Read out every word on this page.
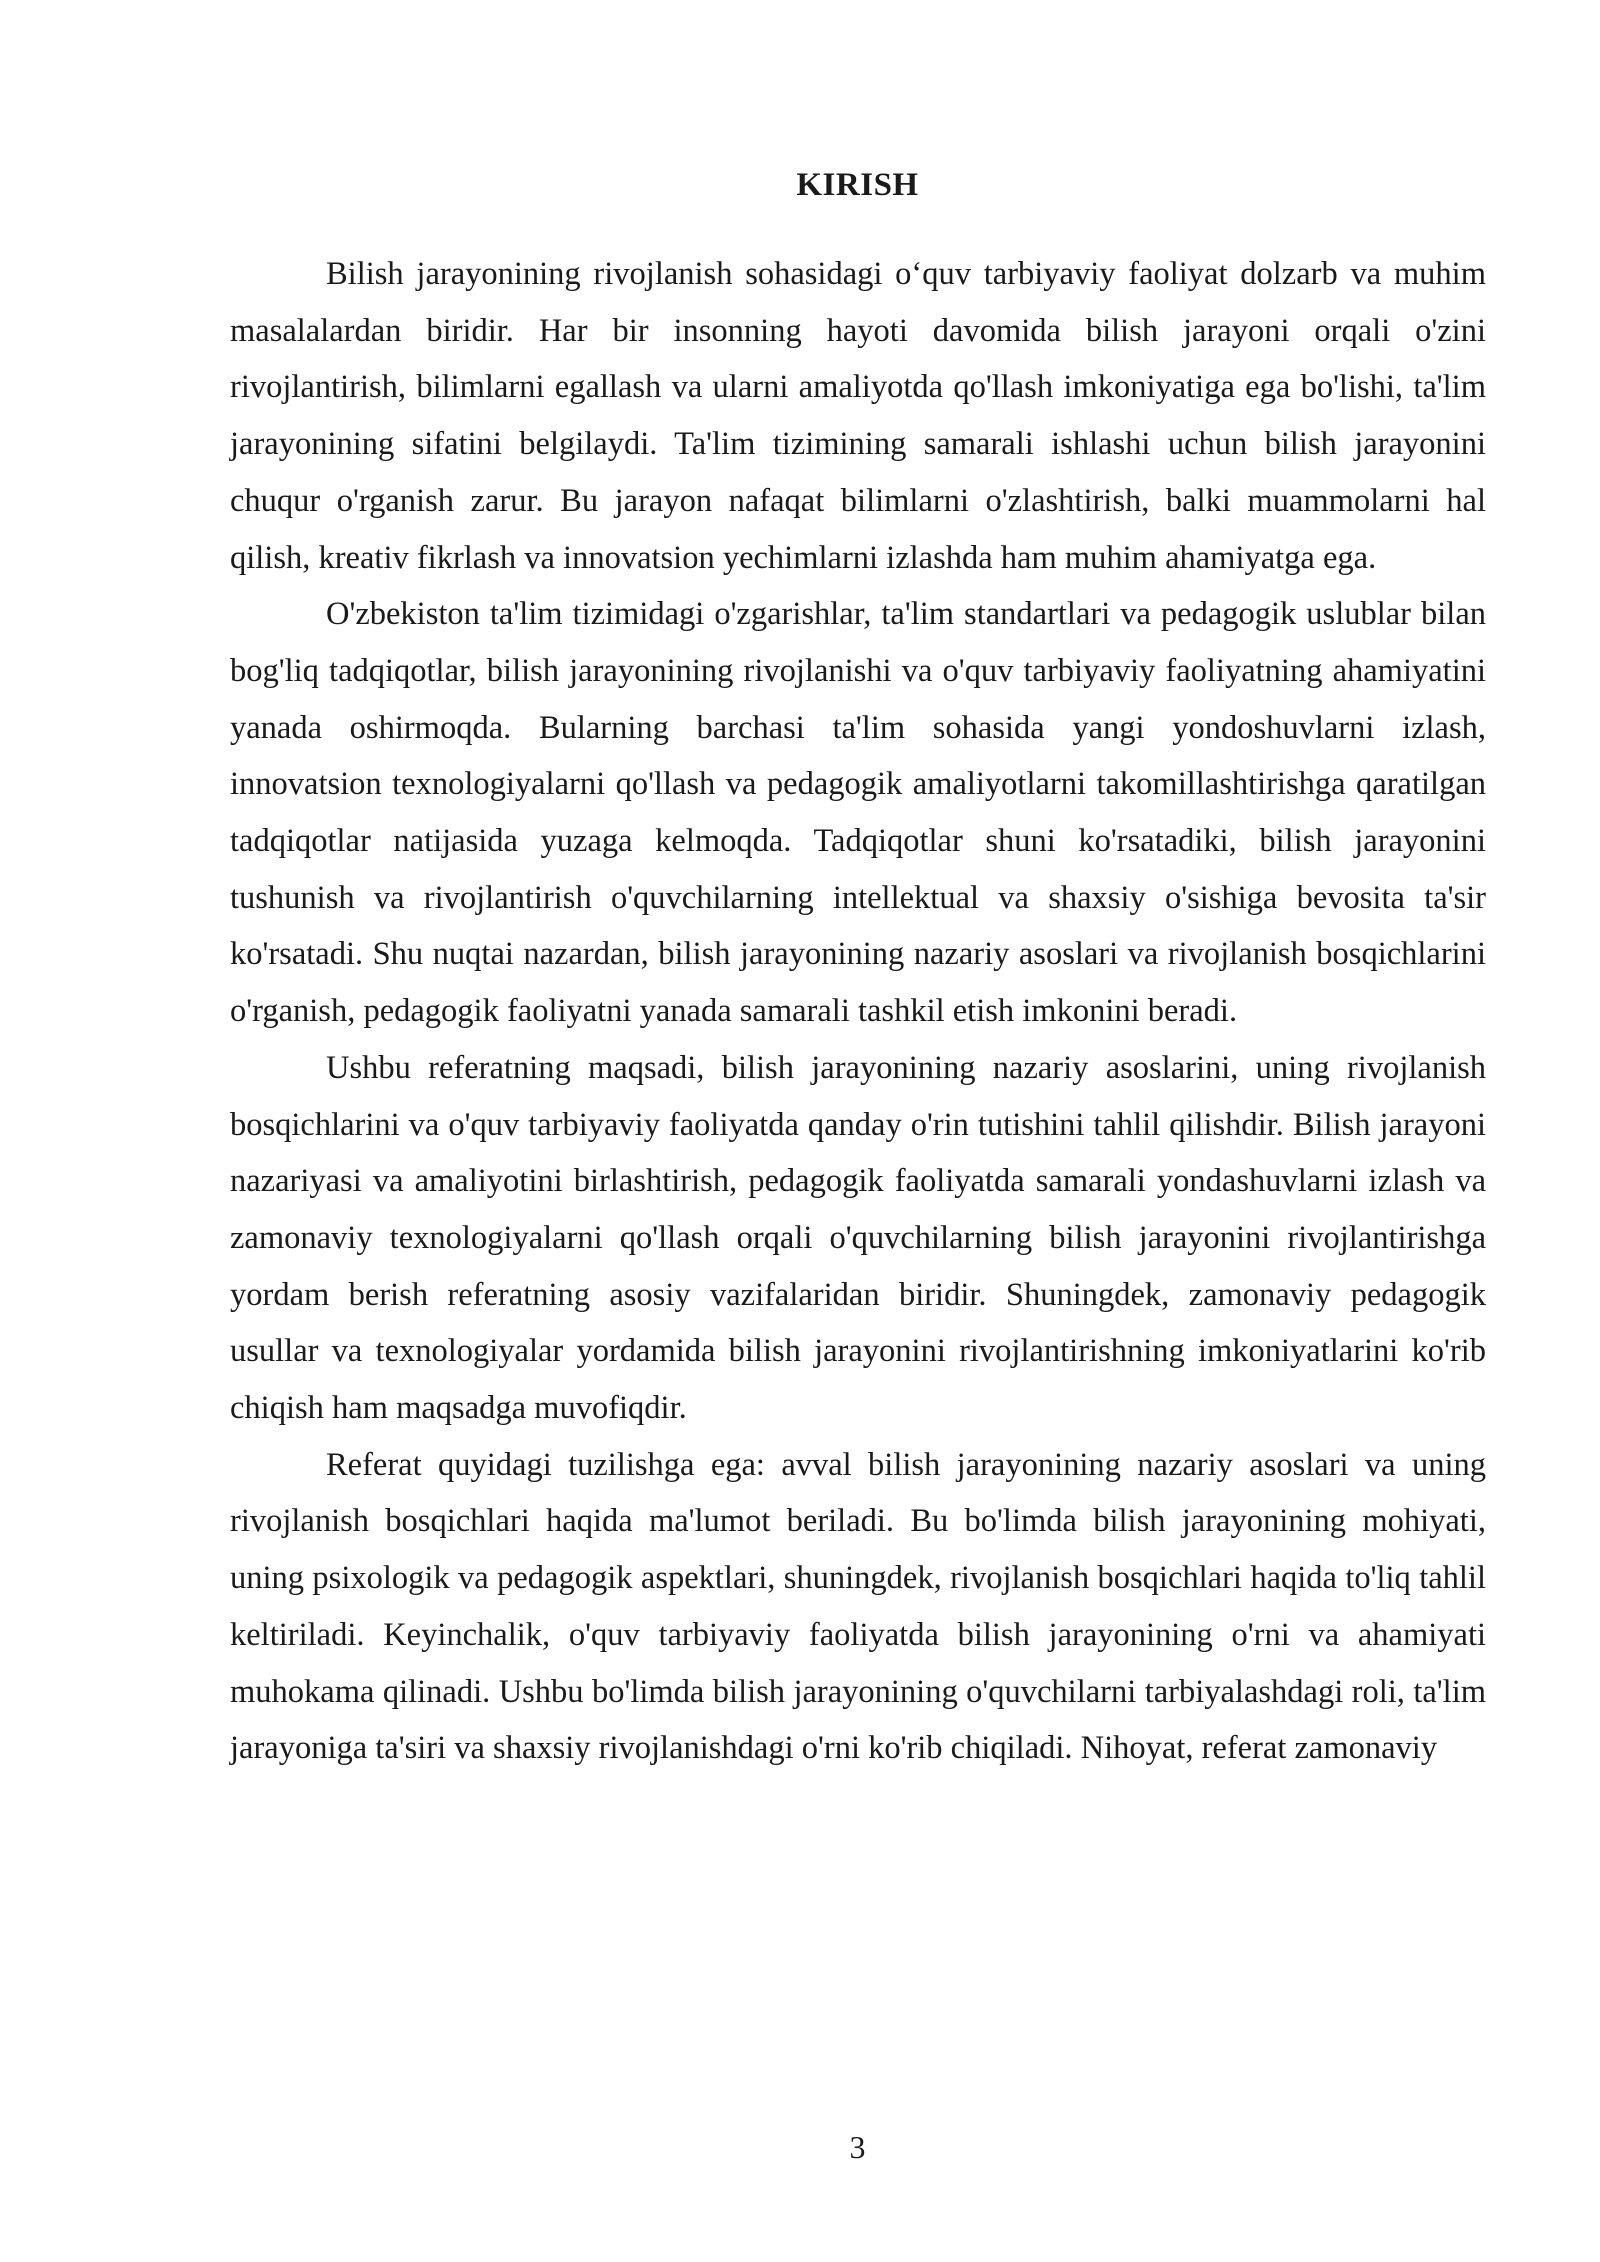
KIRISH

Bilish jarayonining rivojlanish sohasidagi o‘quv tarbiyaviy faoliyat dolzarb va muhim masalalardan biridir. Har bir insonning hayoti davomida bilish jarayoni orqali o'zini rivojlantirish, bilimlarni egallash va ularni amaliyotda qo'llash imkoniyatiga ega bo'lishi, ta'lim jarayonining sifatini belgilaydi. Ta'lim tizimining samarali ishlashi uchun bilish jarayonini chuqur o'rganish zarur. Bu jarayon nafaqat bilimlarni o'zlashtirish, balki muammolarni hal qilish, kreativ fikrlash va innovatsion yechimlarni izlashda ham muhim ahamiyatga ega.

O'zbekiston ta'lim tizimidagi o'zgarishlar, ta'lim standartlari va pedagogik uslublar bilan bog'liq tadqiqotlar, bilish jarayonining rivojlanishi va o'quv tarbiyaviy faoliyatning ahamiyatini yanada oshirmoqda. Bularning barchasi ta'lim sohasida yangi yondoshuvlarni izlash, innovatsion texnologiyalarni qo'llash va pedagogik amaliyotlarni takomillashtirishga qaratilgan tadqiqotlar natijasida yuzaga kelmoqda. Tadqiqotlar shuni ko'rsatadiki, bilish jarayonini tushunish va rivojlantirish o'quvchilarning intellektual va shaxsiy o'sishiga bevosita ta'sir ko'rsatadi. Shu nuqtai nazardan, bilish jarayonining nazariy asoslari va rivojlanish bosqichlarini o'rganish, pedagogik faoliyatni yanada samarali tashkil etish imkonini beradi.

Ushbu referatning maqsadi, bilish jarayonining nazariy asoslarini, uning rivojlanish bosqichlarini va o'quv tarbiyaviy faoliyatda qanday o'rin tutishini tahlil qilishdir. Bilish jarayoni nazariyasi va amaliyotini birlashtirish, pedagogik faoliyatda samarali yondashuvlarni izlash va zamonaviy texnologiyalarni qo'llash orqali o'quvchilarning bilish jarayonini rivojlantirishga yordam berish referatning asosiy vazifalaridan biridir. Shuningdek, zamonaviy pedagogik usullar va texnologiyalar yordamida bilish jarayonini rivojlantirishning imkoniyatlarini ko'rib chiqish ham maqsadga muvofiqdir.

Referat quyidagi tuzilishga ega: avval bilish jarayonining nazariy asoslari va uning rivojlanish bosqichlari haqida ma'lumot beriladi. Bu bo'limda bilish jarayonining mohiyati, uning psixologik va pedagogik aspektlari, shuningdek, rivojlanish bosqichlari haqida to'liq tahlil keltiriladi. Keyinchalik, o'quv tarbiyaviy faoliyatda bilish jarayonining o'rni va ahamiyati muhokama qilinadi. Ushbu bo'limda bilish jarayonining o'quvchilarni tarbiyalashdagi roli, ta'lim jarayoniga ta'siri va shaxsiy rivojlanishdagi o'rni ko'rib chiqiladi. Nihoyat, referat zamonaviy

3
